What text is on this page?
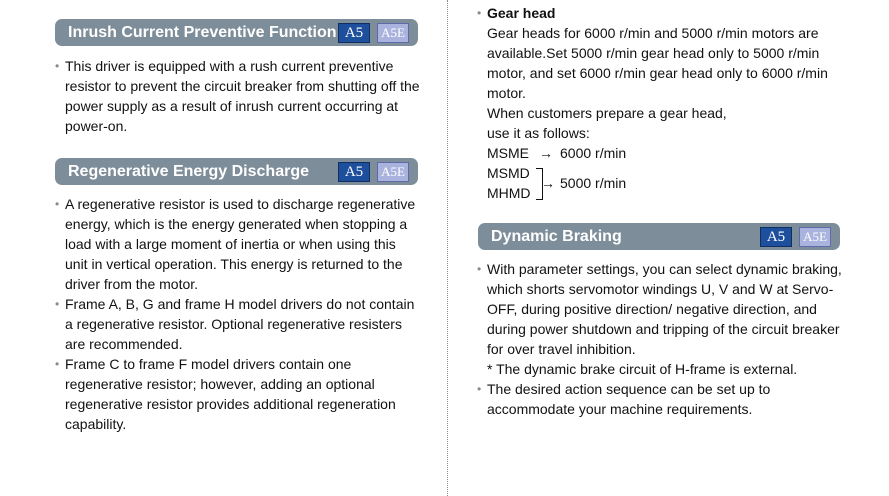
Inrush Current Preventive Function A5	A5E
• This driver is equipped with a rush current preventive resistor to prevent the circuit breaker from shutting off the power supply as a result of inrush current occurring at power-on.
Regenerative Energy Discharge	A5	A5E
• A regenerative resistor is used to discharge regenerative energy, which is the energy generated when stopping a load with a large moment of inertia or when using this unit in vertical operation. This energy is returned to the driver from the motor.
• Frame A, B, G and frame H model drivers do not contain a regenerative resistor. Optional regenerative resisters are recommended.
• Frame C to frame F model drivers contain one regenerative resistor; however, adding an optional regenerative resistor provides additional regeneration capability.
• Gear head
Gear heads for 6000 r/min and 5000 r/min motors are available.Set 5000 r/min gear head only to 5000 r/min motor, and set 6000 r/min gear head only to 6000 r/min motor.
When customers prepare a gear head,
use it as follows:
MSME → 6000 r/min
MSMD
MHMD
→ 5000 r/min
Dynamic Braking	A5	A5E
• With parameter settings, you can select dynamic braking, which shorts servomotor windings U, V and W at Servo-OFF, during positive direction/ negative direction, and during power shutdown and tripping of the circuit breaker for over travel inhibition.
* The dynamic brake circuit of H-frame is external.
• The desired action sequence can be set up to accommodate your machine requirements.
